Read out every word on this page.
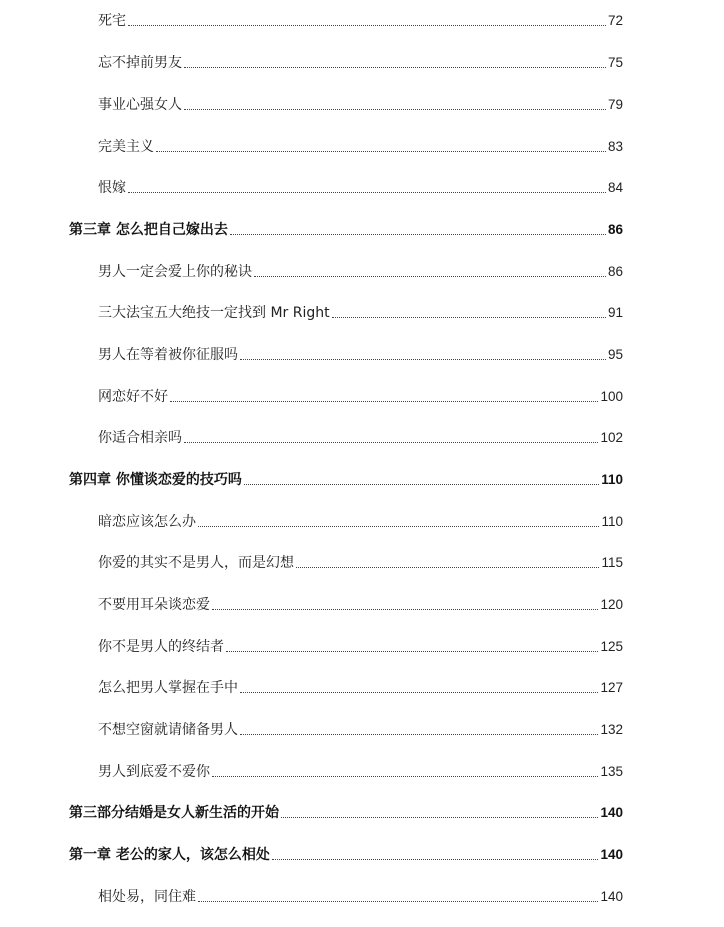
死宅	72
忘不掉前男友	75
事业心强女人	79
完美主义	83
恨嫁	84
第三章 怎么把自己嫁出去	86
男人一定会爱上你的秘诀	86
三大法宝五大绝技一定找到 Mr Right	91
男人在等着被你征服吗	95
网恋好不好	100
你适合相亲吗	102
第四章 你懂谈恋爱的技巧吗	110
暗恋应该怎么办	110
你爱的其实不是男人，而是幻想	115
不要用耳朵谈恋爱	120
你不是男人的终结者	125
怎么把男人掌握在手中	127
不想空窗就请储备男人	132
男人到底爱不爱你	135
第三部分结婚是女人新生活的开始	140
第一章 老公的家人，该怎么相处	140
相处易，同住难	140
